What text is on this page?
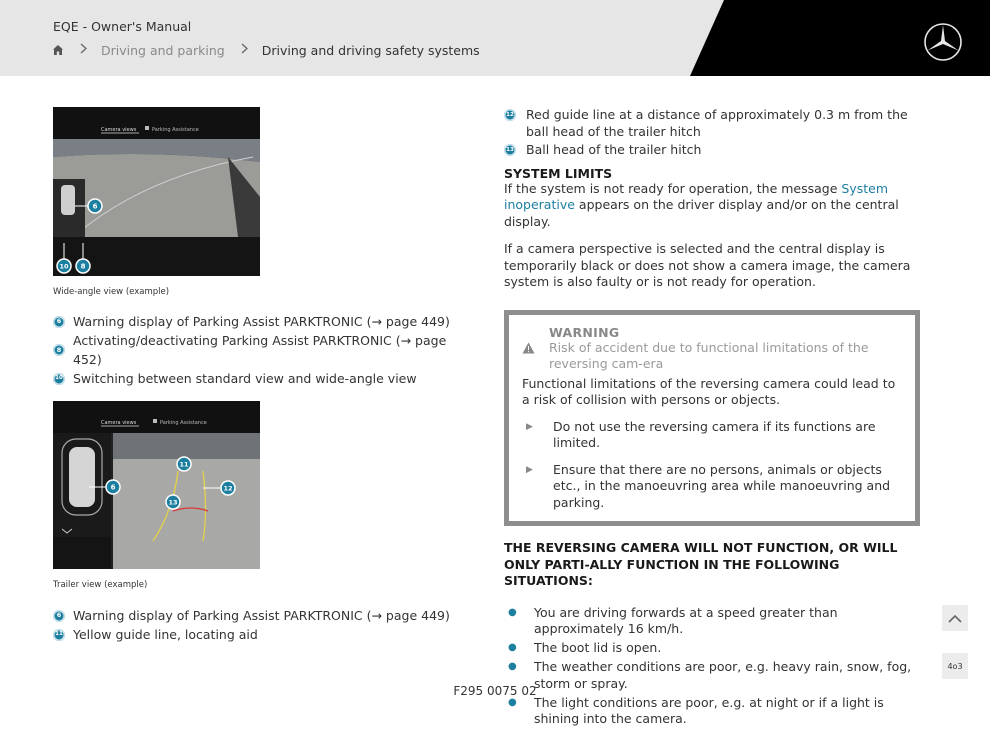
EQE - Owner's Manual
Driving and parking	Driving and driving safety systems
Camera views	Parking Assistance
6
10 8
Wide-angle view (example)
6 Warning display of Parking Assist PARKTRONIC (→ page 449)
8
Activating/deactivating Parking Assist PARKTRONIC (→ page 452)
10 Switching between standard view and wide-angle view
Camera views	Parking Assistance
6
11
12
13
Trailer view (example)
6 Warning display of Parking Assist PARKTRONIC (→ page 449)
11 Yellow guide line, locating aid
12 Red guide line at a distance of approximately 0.3 m from the ball head of the trailer hitch
13 Ball head of the trailer hitch
SYSTEM LIMITS

If the system is not ready for operation, the message System inoperative appears on the driver display and/or on the central display.

If a camera perspective is selected and the central display is temporarily black or does not show a camera image, the camera system is also faulty or is not ready for operation.

WARNING
Risk of accident due to functional limitations of the reversing cam-era

Functional limitations of the reversing camera could lead to a risk of collision with persons or objects.

▶	Do not use the reversing camera if its functions are limited.
▶	Ensure that there are no persons, animals or objects etc., in the manoeuvring area while manoeuvring and parking.
THE REVERSING CAMERA WILL NOT FUNCTION, OR WILL ONLY PARTI-ALLY FUNCTION IN THE FOLLOWING SITUATIONS:
●	You are driving forwards at a speed greater than approximately 16 km/h.
●	The boot lid is open.
●	The weather conditions are poor, e.g. heavy rain, snow, fog, storm or spray.
●	The light conditions are poor, e.g. at night or if a light is shining into the camera.
4o3
F295 0075 02
